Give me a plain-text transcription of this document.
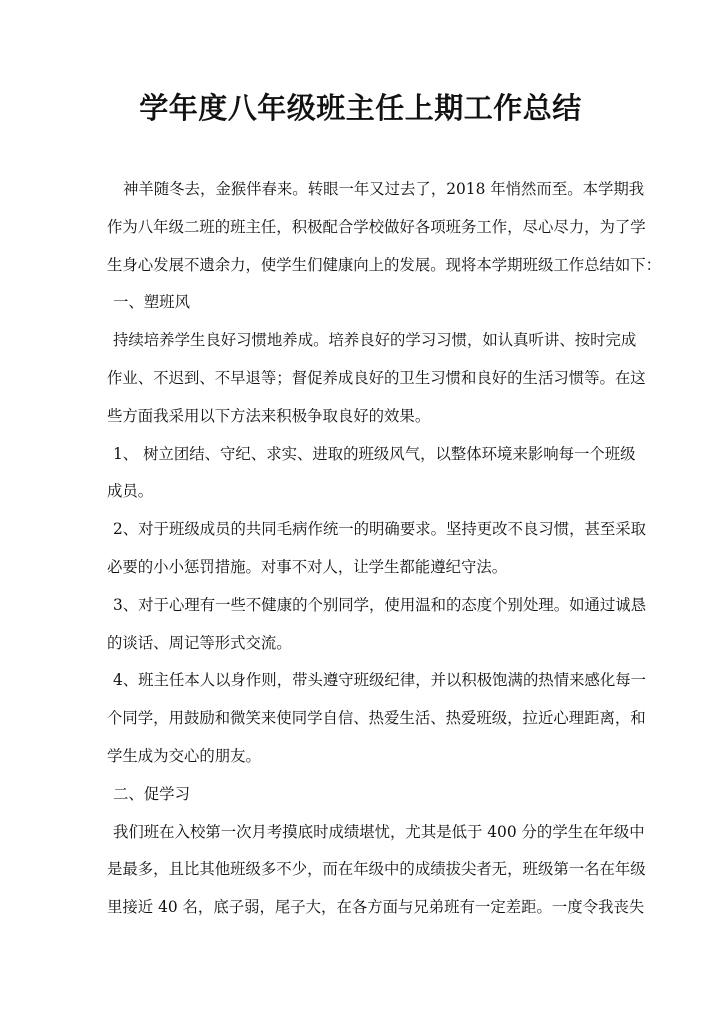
学年度八年级班主任上期工作总结
神羊随冬去，金猴伴春来。转眼一年又过去了，2018 年悄然而至。本学期我
作为八年级二班的班主任，积极配合学校做好各项班务工作，尽心尽力，为了学
生身心发展不遗余力，使学生们健康向上的发展。现将本学期班级工作总结如下：
一、塑班风
持续培养学生良好习惯地养成。培养良好的学习习惯，如认真听讲、按时完成
作业、不迟到、不早退等；督促养成良好的卫生习惯和良好的生活习惯等。在这
些方面我采用以下方法来积极争取良好的效果。
1、 树立团结、守纪、求实、进取的班级风气，以整体环境来影响每一个班级
成员。
2、对于班级成员的共同毛病作统一的明确要求。坚持更改不良习惯，甚至采取
必要的小小惩罚措施。对事不对人，让学生都能遵纪守法。
3、对于心理有一些不健康的个别同学，使用温和的态度个别处理。如通过诚恳
的谈话、周记等形式交流。
4、班主任本人以身作则，带头遵守班级纪律，并以积极饱满的热情来感化每一
个同学，用鼓励和微笑来使同学自信、热爱生活、热爱班级，拉近心理距离，和
学生成为交心的朋友。
二、促学习
我们班在入校第一次月考摸底时成绩堪忧，尤其是低于 400 分的学生在年级中
是最多，且比其他班级多不少，而在年级中的成绩拔尖者无，班级第一名在年级
里接近 40 名，底子弱，尾子大，在各方面与兄弟班有一定差距。一度令我丧失
